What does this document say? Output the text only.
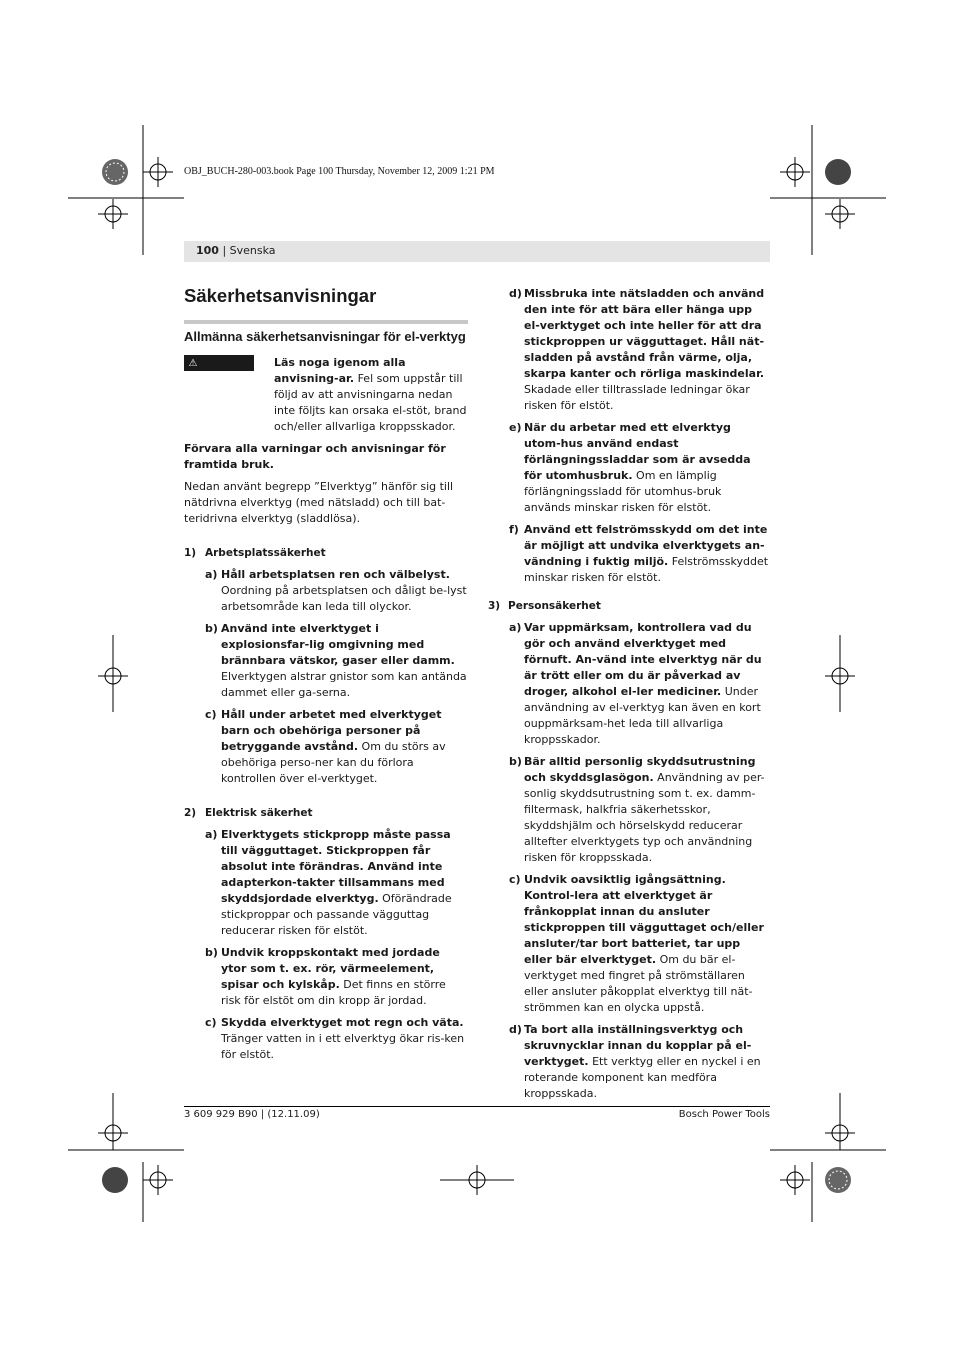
OBJ_BUCH-280-003.book Page 100 Thursday, November 12, 2009 1:21 PM
100 | Svenska
Säkerhetsanvisningar
Allmänna säkerhetsanvisningar för el-verktyg
⚠VARNING

Läs noga igenom alla anvisning-ar. Fel som uppstår till följd av att anvisningarna nedan inte följts kan orsaka el-stöt, brand och/eller allvarliga kroppsskador.

Förvara alla varningar och anvisningar för framtida bruk.

Nedan använt begrepp ”Elverktyg” hänför sig till nätdrivna elverktyg (med nätsladd) och till bat-teridrivna elverktyg (sladdlösa).

1) Arbetsplatssäkerhet
a) Håll arbetsplatsen ren och välbelyst. Oordning på arbetsplatsen och dåligt be-lyst arbetsområde kan leda till olyckor.
b) Använd inte elverktyget i explosionsfar-lig omgivning med brännbara vätskor, gaser eller damm. Elverktygen alstrar gnistor som kan antända dammet eller ga-serna.
c) Håll under arbetet med elverktyget barn och obehöriga personer på betryggande avstånd. Om du störs av obehöriga perso-ner kan du förlora kontrollen över el-verktyget.
2) Elektrisk säkerhet
a) Elverktygets stickpropp måste passa till vägguttaget. Stickproppen får absolut inte förändras. Använd inte adapterkon-takter tillsammans med skyddsjordade elverktyg. Oförändrade stickproppar och passande vägguttag reducerar risken för elstöt.
b) Undvik kroppskontakt med jordade ytor som t. ex. rör, värmeelement, spisar och kylskåp. Det finns en större risk för elstöt om din kropp är jordad.
c) Skydda elverktyget mot regn och väta. Tränger vatten in i ett elverktyg ökar ris-ken för elstöt.
d) Missbruka inte nätsladden och använd den inte för att bära eller hänga upp el-verktyget och inte heller för att dra stickproppen ur vägguttaget. Håll nät-sladden på avstånd från värme, olja, skarpa kanter och rörliga maskindelar. Skadade eller tilltrasslade ledningar ökar risken för elstöt.
e) När du arbetar med ett elverktyg utom-hus använd endast förlängningssladdar som är avsedda för utomhusbruk. Om en lämplig förlängningssladd för utomhus-bruk används minskar risken för elstöt.
f) Använd ett felströmsskydd om det inte är möjligt att undvika elverktygets an-vändning i fuktig miljö. Felströmsskyddet minskar risken för elstöt.
3) Personsäkerhet
a) Var uppmärksam, kontrollera vad du gör och använd elverktyget med förnuft. An-vänd inte elverktyg när du är trött eller om du är påverkad av droger, alkohol el-ler mediciner. Under användning av el-verktyg kan även en kort ouppmärksam-het leda till allvarliga kroppsskador.
b) Bär alltid personlig skyddsutrustning och skyddsglasögon. Användning av per-sonlig skyddsutrustning som t. ex. damm-filtermask, halkfria säkerhetsskor, skyddshjälm och hörselskydd reducerar alltefter elverktygets typ och användning risken för kroppsskada.
c) Undvik oavsiktlig igångsättning. Kontrol-lera att elverktyget är frånkopplat innan du ansluter stickproppen till vägguttaget och/eller ansluter/tar bort batteriet, tar upp eller bär elverktyget. Om du bär el-verktyget med fingret på strömställaren eller ansluter påkopplat elverktyg till nät-strömmen kan en olycka uppstå.
d) Ta bort alla inställningsverktyg och skruvnycklar innan du kopplar på el-verktyget. Ett verktyg eller en nyckel i en roterande komponent kan medföra kroppsskada.
3 609 929 B90 | (12.11.09)	Bosch Power Tools
